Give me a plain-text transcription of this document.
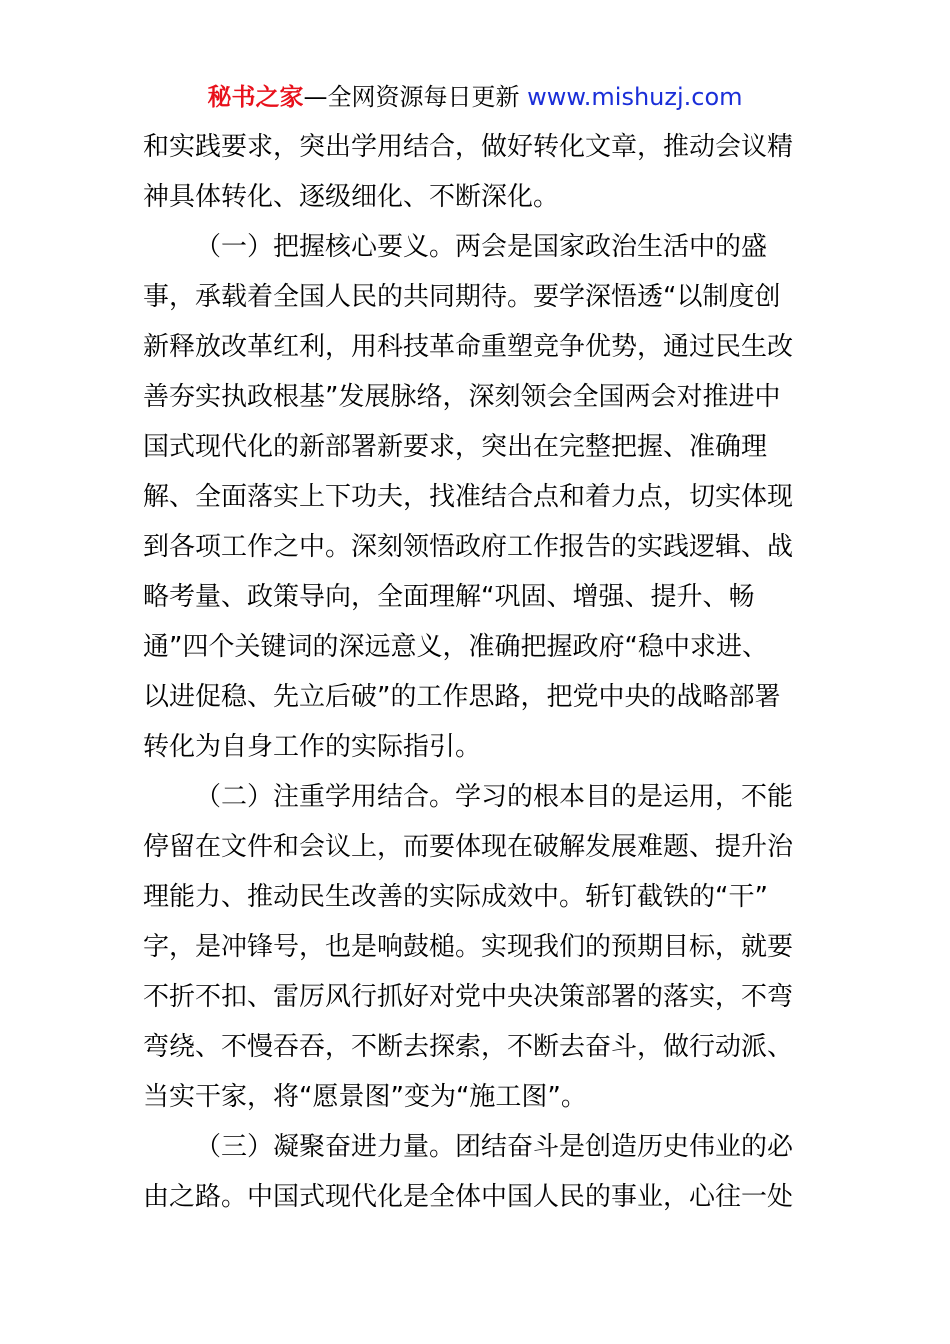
秘书之家—全网资源每日更新 www.mishuzj.com
和实践要求，突出学用结合，做好转化文章，推动会议精
神具体转化、逐级细化、不断深化。
（一）把握核心要义。两会是国家政治生活中的盛
事，承载着全国人民的共同期待。要学深悟透“以制度创
新释放改革红利，用科技革命重塑竞争优势，通过民生改
善夯实执政根基”发展脉络，深刻领会全国两会对推进中
国式现代化的新部署新要求，突出在完整把握、准确理
解、全面落实上下功夫，找准结合点和着力点，切实体现
到各项工作之中。深刻领悟政府工作报告的实践逻辑、战
略考量、政策导向，全面理解“巩固、增强、提升、畅
通”四个关键词的深远意义，准确把握政府“稳中求进、
以进促稳、先立后破”的工作思路，把党中央的战略部署
转化为自身工作的实际指引。
（二）注重学用结合。学习的根本目的是运用，不能
停留在文件和会议上，而要体现在破解发展难题、提升治
理能力、推动民生改善的实际成效中。斩钉截铁的“干”
字，是冲锋号，也是响鼓槌。实现我们的预期目标，就要
不折不扣、雷厉风行抓好对党中央决策部署的落实，不弯
弯绕、不慢吞吞，不断去探索，不断去奋斗，做行动派、
当实干家，将“愿景图”变为“施工图”。
（三）凝聚奋进力量。团结奋斗是创造历史伟业的必
由之路。中国式现代化是全体中国人民的事业，心往一处
